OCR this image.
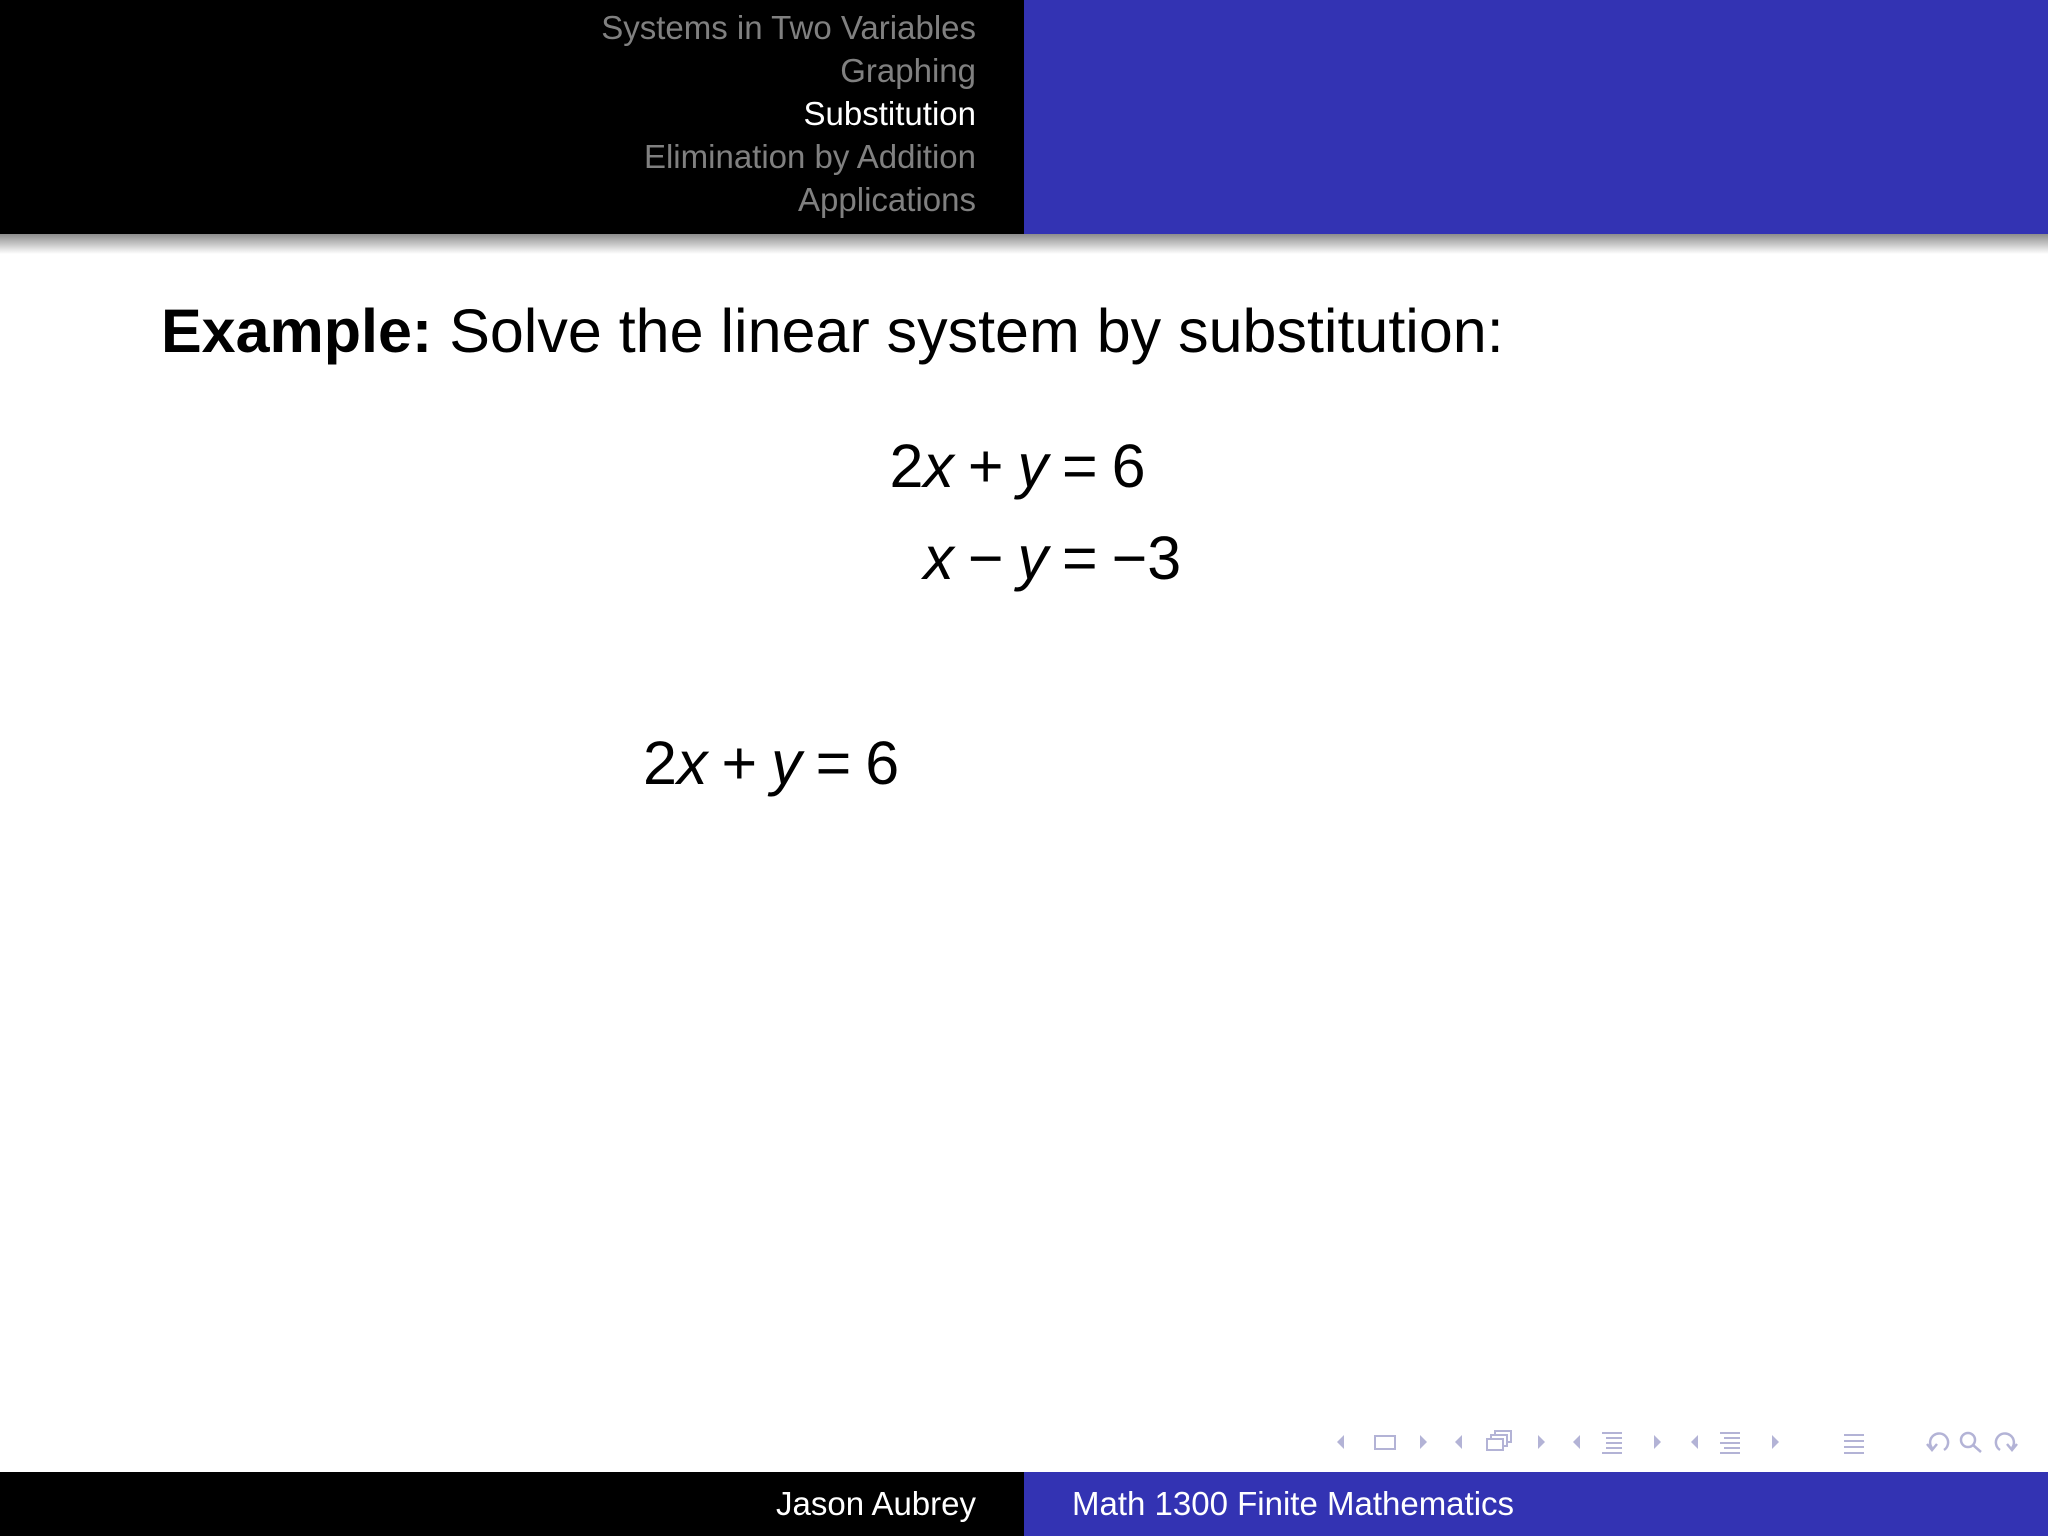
Systems in Two Variables
Graphing
Substitution
Elimination by Addition
Applications
Example: Solve the linear system by substitution:
2x + y = 6
x − y = −3
2x + y = 6
Jason Aubrey	Math 1300 Finite Mathematics
